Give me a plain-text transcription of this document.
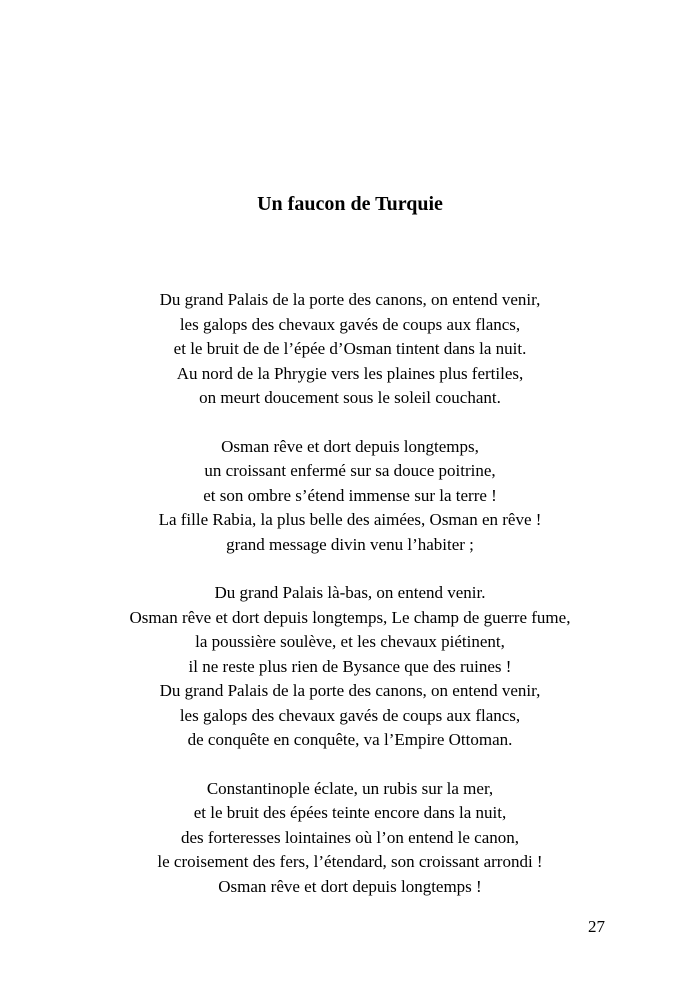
Un faucon de Turquie
Du grand Palais de la porte des canons, on entend venir,
les galops des chevaux gavés de coups aux flancs,
et le bruit de de l’épée d’Osman tintent dans la nuit.
Au nord de la Phrygie vers les plaines plus fertiles,
on meurt doucement sous le soleil couchant.
Osman rêve et dort depuis longtemps,
un croissant enfermé sur sa douce poitrine,
et son ombre s’étend immense sur la terre !
La fille Rabia, la plus belle des aimées, Osman en rêve !
grand message divin venu l’habiter ;
Du grand Palais là-bas, on entend venir.
Osman rêve et dort depuis longtemps, Le champ de guerre fume,
la poussière soulève, et les chevaux piétinent,
il ne reste plus rien de Bysance que des ruines !
Du grand Palais de la porte des canons, on entend venir,
les galops des chevaux gavés de coups aux flancs,
de conquête en conquête, va l’Empire Ottoman.
Constantinople éclate, un rubis sur la mer,
et le bruit des épées teinte encore dans la nuit,
des forteresses lointaines où l’on entend le canon,
le croisement des fers, l’étendard, son croissant arrondi !
Osman rêve et dort depuis longtemps !
27
